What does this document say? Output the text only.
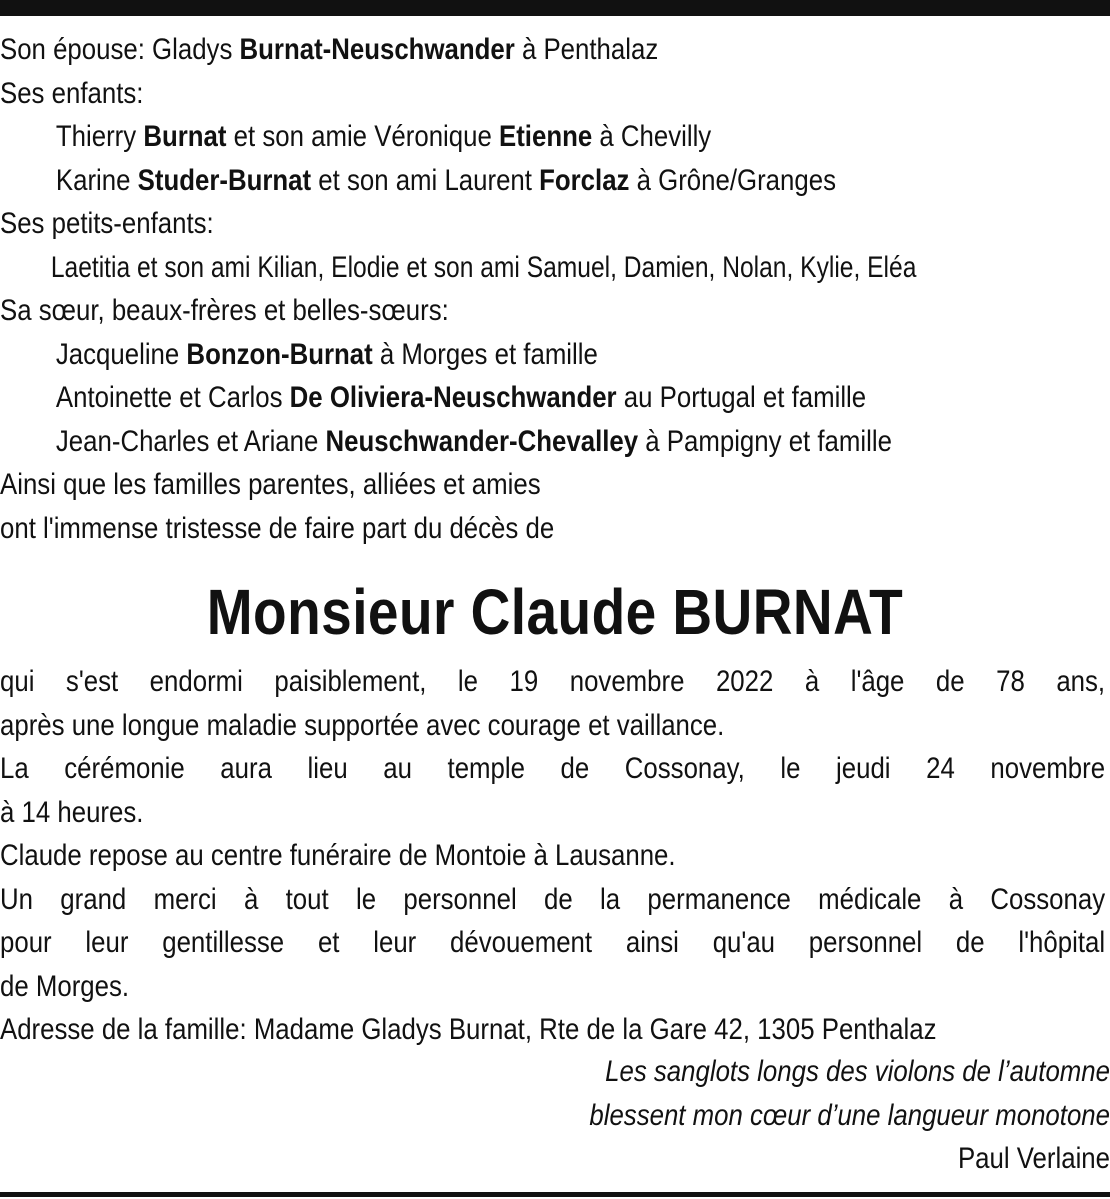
Son épouse: Gladys Burnat-Neuschwander à Penthalaz
Ses enfants:
Thierry Burnat et son amie Véronique Etienne à Chevilly
Karine Studer-Burnat et son ami Laurent Forclaz à Grône/Granges
Ses petits-enfants:
Laetitia et son ami Kilian, Elodie et son ami Samuel, Damien, Nolan, Kylie, Eléa
Sa sœur, beaux-frères et belles-sœurs:
Jacqueline Bonzon-Burnat à Morges et famille
Antoinette et Carlos De Oliviera-Neuschwander au Portugal et famille
Jean-Charles et Ariane Neuschwander-Chevalley à Pampigny et famille
Ainsi que les familles parentes, alliées et amies
ont l'immense tristesse de faire part du décès de
Monsieur Claude BURNAT
qui s'est endormi paisiblement, le 19 novembre 2022 à l'âge de 78 ans,
après une longue maladie supportée avec courage et vaillance.
La cérémonie aura lieu au temple de Cossonay, le jeudi 24 novembre
à 14 heures.
Claude repose au centre funéraire de Montoie à Lausanne.
Un grand merci à tout le personnel de la permanence médicale à Cossonay
pour leur gentillesse et leur dévouement ainsi qu'au personnel de l'hôpital
de Morges.
Adresse de la famille: Madame Gladys Burnat, Rte de la Gare 42, 1305 Penthalaz
Les sanglots longs des violons de l’automne
blessent mon cœur d’une langueur monotone
Paul Verlaine
